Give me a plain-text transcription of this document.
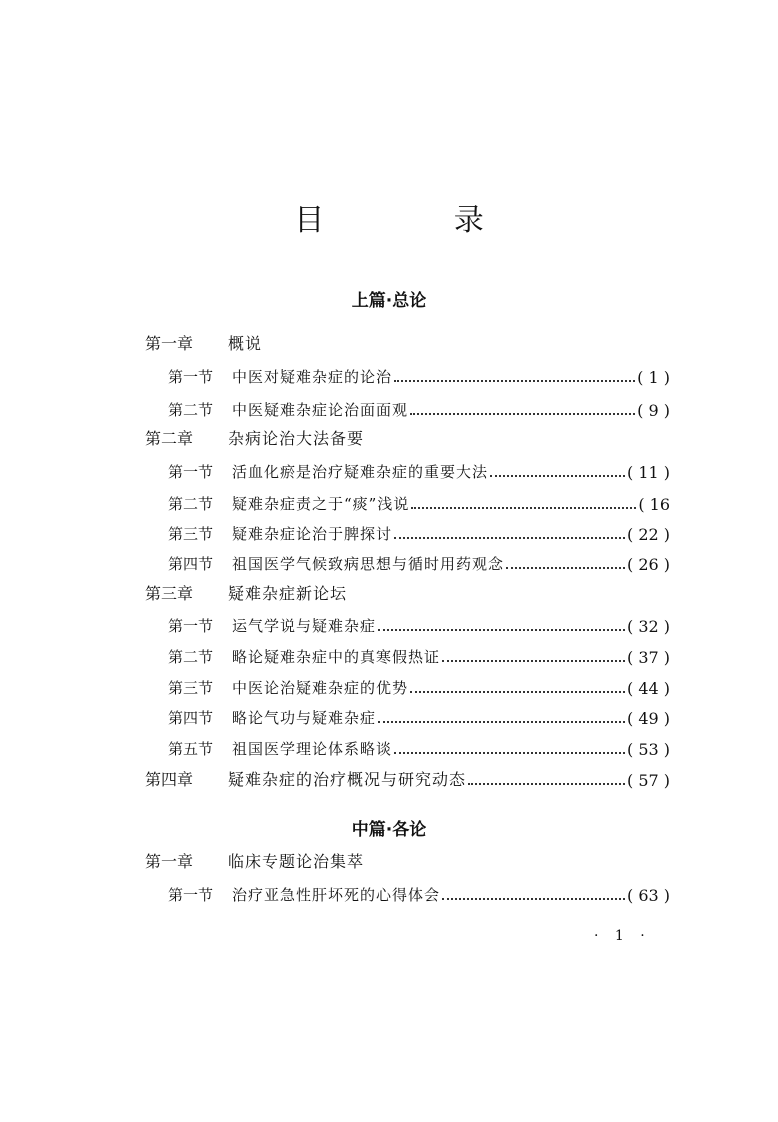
目 录
上篇·总论
第一章	概说
第一节	中医对疑难杂症的论治	( 1 )
第二节	中医疑难杂症论治面面观	( 9 )
第二章	杂病论治大法备要
第一节	活血化瘀是治疗疑难杂症的重要大法	( 11 )
第二节	疑难杂症责之于“痰”浅说	( 16
第三节	疑难杂症论治于脾探讨	( 22 )
第四节	祖国医学气候致病思想与循时用药观念	( 26 )
第三章	疑难杂症新论坛
第一节	运气学说与疑难杂症	( 32 )
第二节	略论疑难杂症中的真寒假热证	( 37 )
第三节	中医论治疑难杂症的优势	( 44 )
第四节	略论气功与疑难杂症	( 49 )
第五节	祖国医学理论体系略谈	( 53 )
第四章	疑难杂症的治疗概况与研究动态	( 57 )
第一章	临床专题论治集萃
第一节	治疗亚急性肝坏死的心得体会	( 63 )
中篇·各论
· 1 ·
